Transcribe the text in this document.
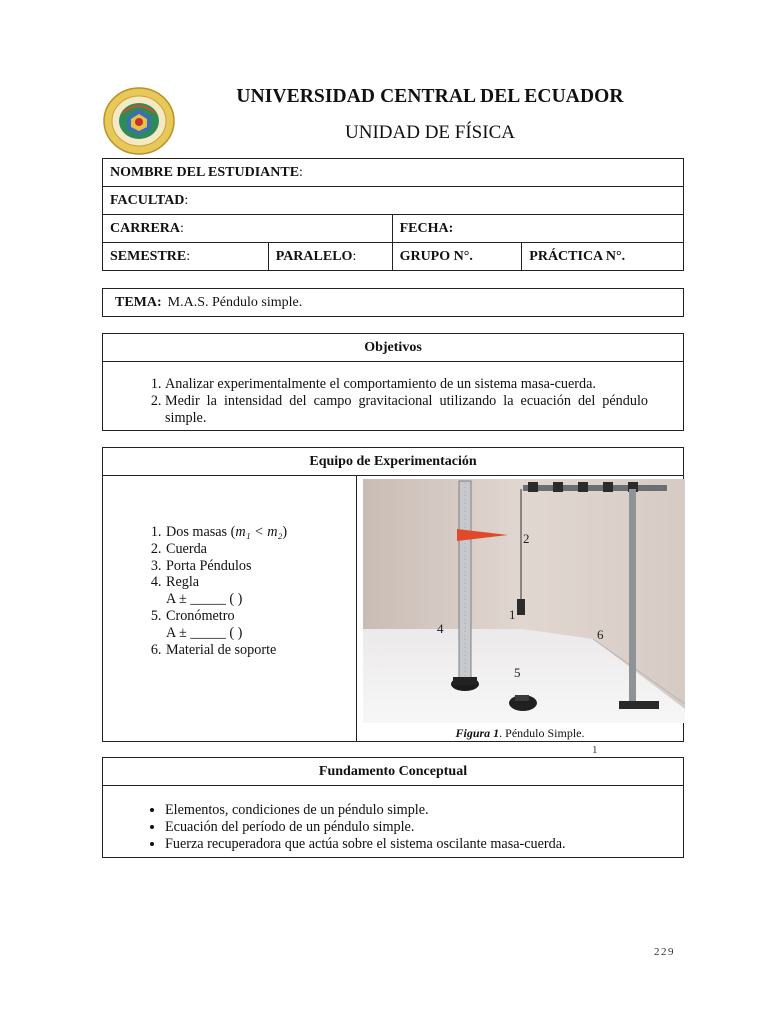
UNIVERSIDAD CENTRAL DEL ECUADOR
UNIDAD DE FÍSICA
NOMBRE DEL ESTUDIANTE:			
FACULTAD:			
CARRERA:		FECHA:	
SEMESTRE:	PARALELO:	GRUPO N°.	PRÁCTICA N°.
TEMA: M.A.S. Péndulo simple.
Objetivos
1. Analizar experimentalmente el comportamiento de un sistema masa-cuerda.
2. Medir la intensidad del campo gravitacional utilizando la ecuación del péndulo simple.
Equipo de Experimentación
1. Dos masas (m₁ < m₂)
2. Cuerda
3. Porta Péndulos
4. Regla
A ± _____ ( )
5. Cronómetro
A ± _____ ( )
6. Material de soporte
2
1
4	6
5
Figura 1. Péndulo Simple.
1
Fundamento Conceptual
• Elementos, condiciones de un péndulo simple.
• Ecuación del período de un péndulo simple.
• Fuerza recuperadora que actúa sobre el sistema oscilante masa-cuerda.
229
